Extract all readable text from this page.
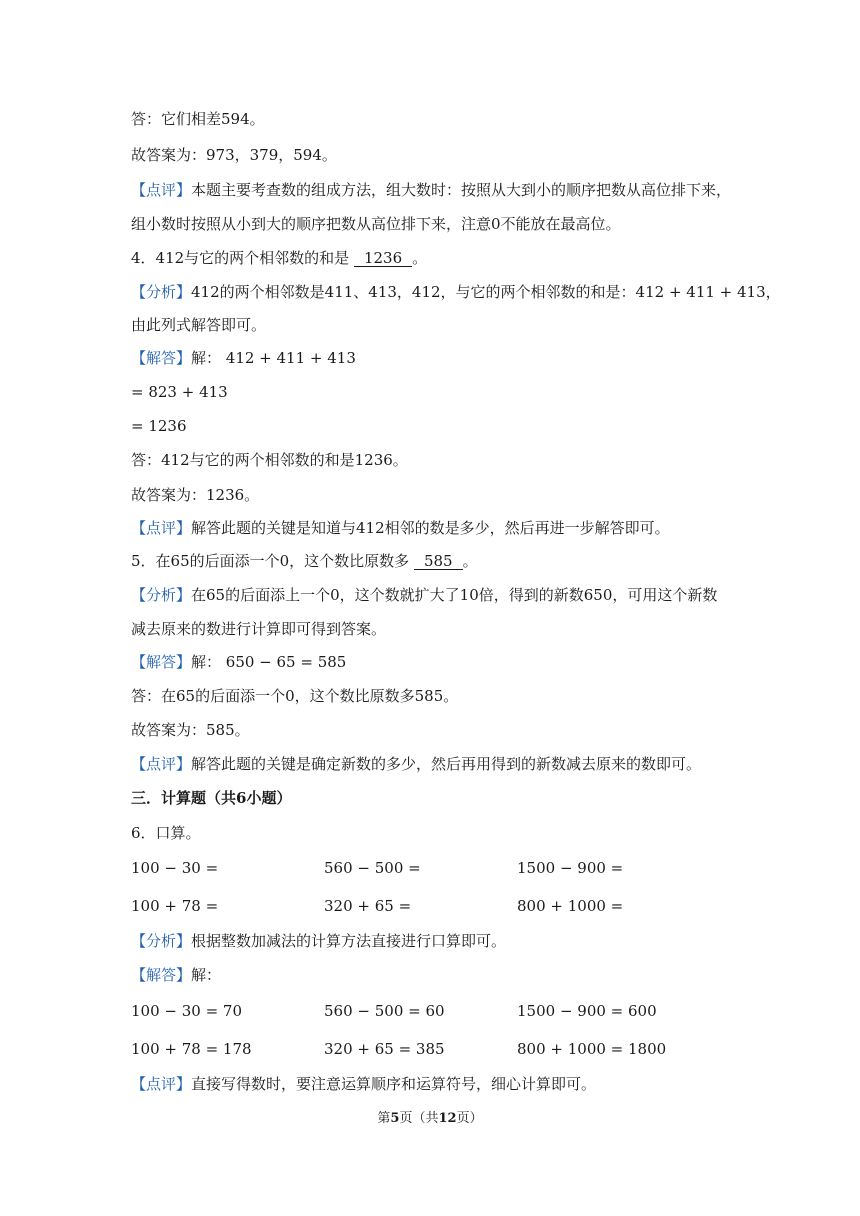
答：它们相差594。
故答案为：973，379，594。
【点评】本题主要考查数的组成方法，组大数时：按照从大到小的顺序把数从高位排下来，
组小数时按照从小到大的顺序把数从高位排下来，注意0不能放在最高位。
4．412与它的两个相邻数的和是 1236 。
【分析】412的两个相邻数是411、413，412，与它的两个相邻数的和是：412 + 411 + 413，
由此列式解答即可。
【解答】解： 412 + 411 + 413
= 823 + 413
= 1236
答：412与它的两个相邻数的和是1236。
故答案为：1236。
【点评】解答此题的关键是知道与412相邻的数是多少，然后再进一步解答即可。
5．在65的后面添一个0，这个数比原数多 585 。
【分析】在65的后面添上一个0，这个数就扩大了10倍，得到的新数650，可用这个新数
减去原来的数进行计算即可得到答案。
【解答】解： 650 − 65 = 585
答：在65的后面添一个0，这个数比原数多585。
故答案为：585。
【点评】解答此题的关键是确定新数的多少，然后再用得到的新数减去原来的数即可。
三．计算题（共6小题）
6．口算。
100 − 30 =	560 − 500 =	1500 − 900 =
100 + 78 =	320 + 65 =	800 + 1000 =
【分析】根据整数加减法的计算方法直接进行口算即可。
【解答】解：
100 − 30 = 70	560 − 500 = 60	1500 − 900 = 600
100 + 78 = 178	320 + 65 = 385	800 + 1000 = 1800
【点评】直接写得数时，要注意运算顺序和运算符号，细心计算即可。
第5页（共12页）
